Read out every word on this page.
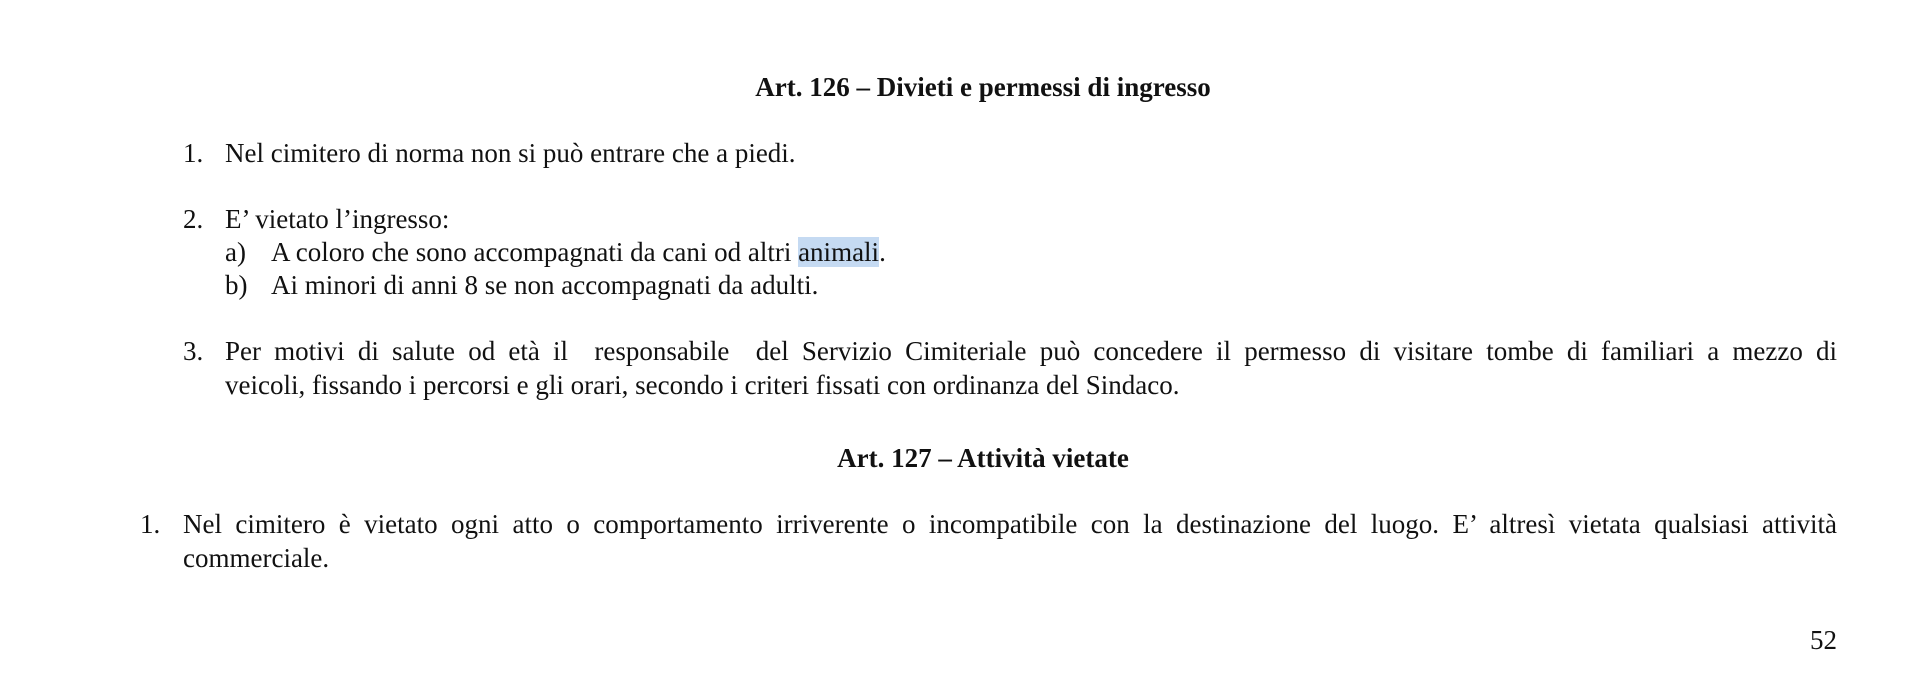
Art. 126 – Divieti e permessi di ingresso
1. Nel cimitero di norma non si può entrare che a piedi.
2. E’ vietato l’ingresso:
a) A coloro che sono accompagnati da cani od altri animali.
b) Ai minori di anni 8 se non accompagnati da adulti.
3. Per motivi di salute od età il  responsabile  del Servizio Cimiteriale può concedere il permesso di visitare tombe di familiari a mezzo di
veicoli, fissando i percorsi e gli orari, secondo i criteri fissati con ordinanza del Sindaco.
Art. 127 – Attività vietate
1. Nel cimitero è vietato ogni atto o comportamento irriverente o incompatibile con la destinazione del luogo. E’ altresì vietata qualsiasi attività
commerciale.
52
